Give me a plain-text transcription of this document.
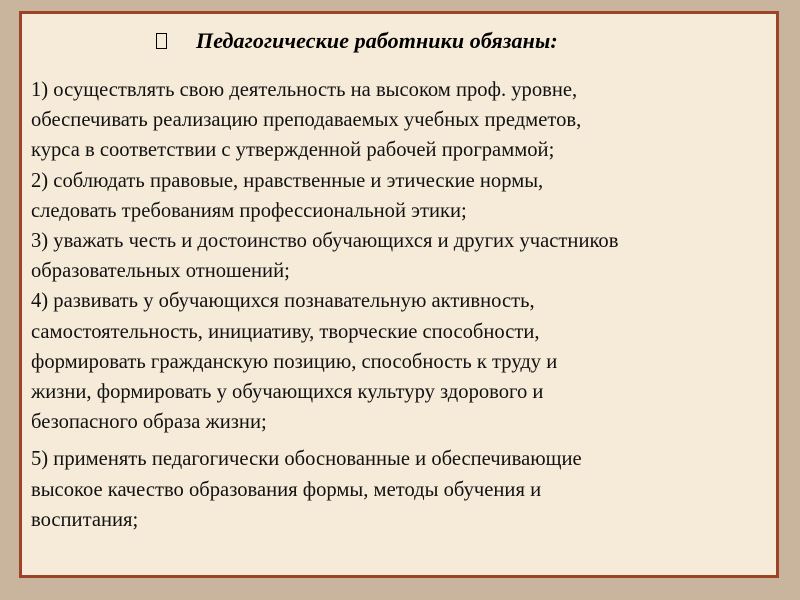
Педагогические работники обязаны:
1) осуществлять свою деятельность на высоком проф. уровне,
обеспечивать реализацию преподаваемых учебных предметов,
курса в соответствии с утвержденной рабочей программой;
2) соблюдать правовые, нравственные и этические нормы,
следовать требованиям профессиональной этики;
3) уважать честь и достоинство обучающихся и других участников
образовательных отношений;
4) развивать у обучающихся познавательную активность,
самостоятельность, инициативу, творческие способности,
формировать гражданскую позицию, способность к труду и
жизни, формировать у обучающихся культуру здорового и
безопасного образа жизни;
5) применять педагогически обоснованные и обеспечивающие
высокое качество образования формы, методы обучения и
воспитания;
